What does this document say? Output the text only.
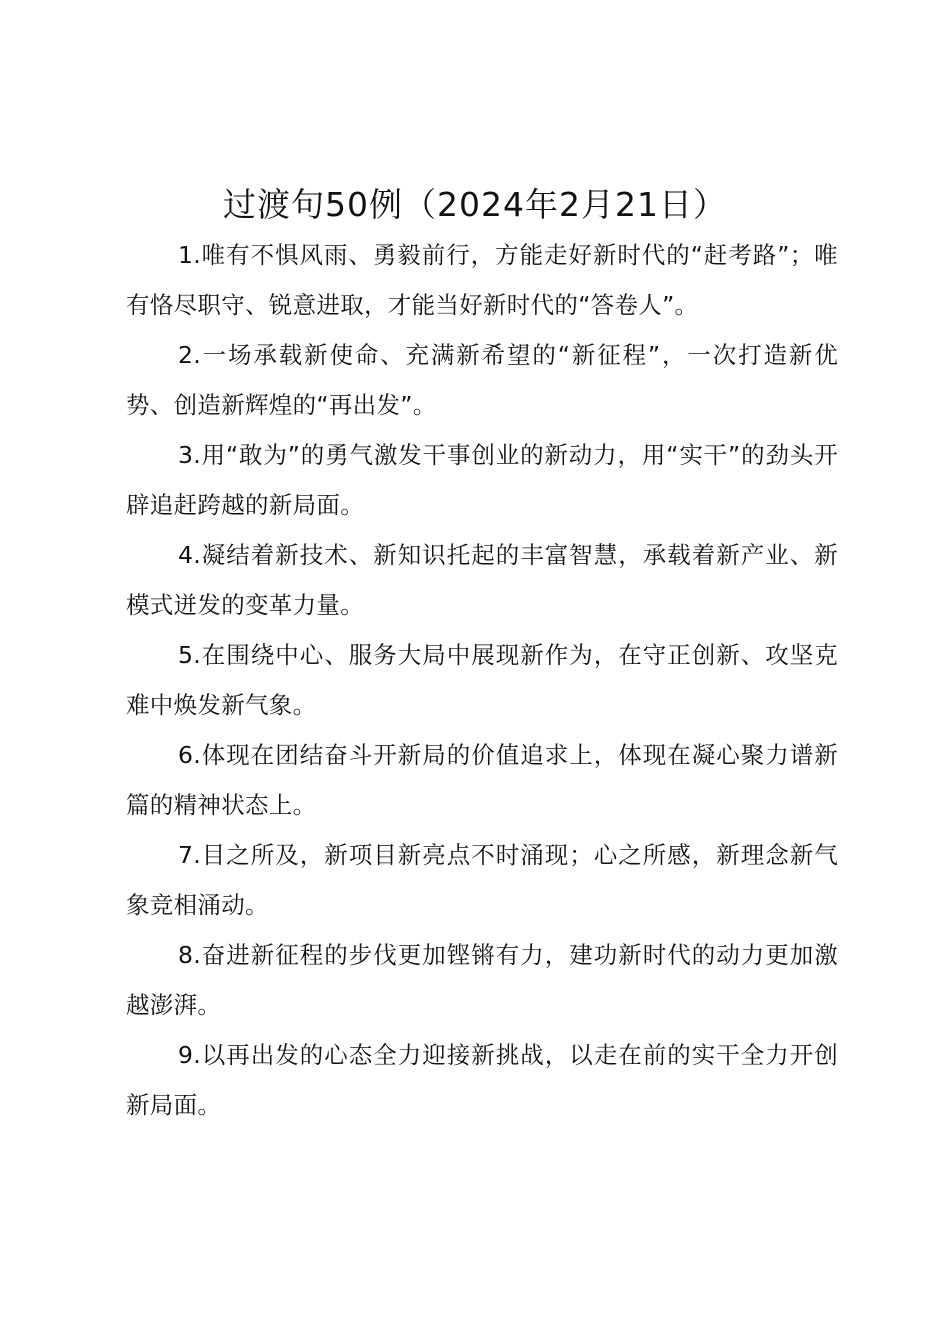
过渡句50例（2024年2月21日）

1.唯有不惧风雨、勇毅前行，方能走好新时代的“赶考路”；唯有恪尽职守、锐意进取，才能当好新时代的“答卷人”。

2.一场承载新使命、充满新希望的“新征程”，一次打造新优势、创造新辉煌的“再出发”。

3.用“敢为”的勇气激发干事创业的新动力，用“实干”的劲头开辟追赶跨越的新局面。

4.凝结着新技术、新知识托起的丰富智慧，承载着新产业、新模式迸发的变革力量。

5.在围绕中心、服务大局中展现新作为，在守正创新、攻坚克难中焕发新气象。

6.体现在团结奋斗开新局的价值追求上，体现在凝心聚力谱新篇的精神状态上。

7.目之所及，新项目新亮点不时涌现；心之所感，新理念新气象竞相涌动。

8.奋进新征程的步伐更加铿锵有力，建功新时代的动力更加激越澎湃。

9.以再出发的心态全力迎接新挑战，以走在前的实干全力开创新局面。
